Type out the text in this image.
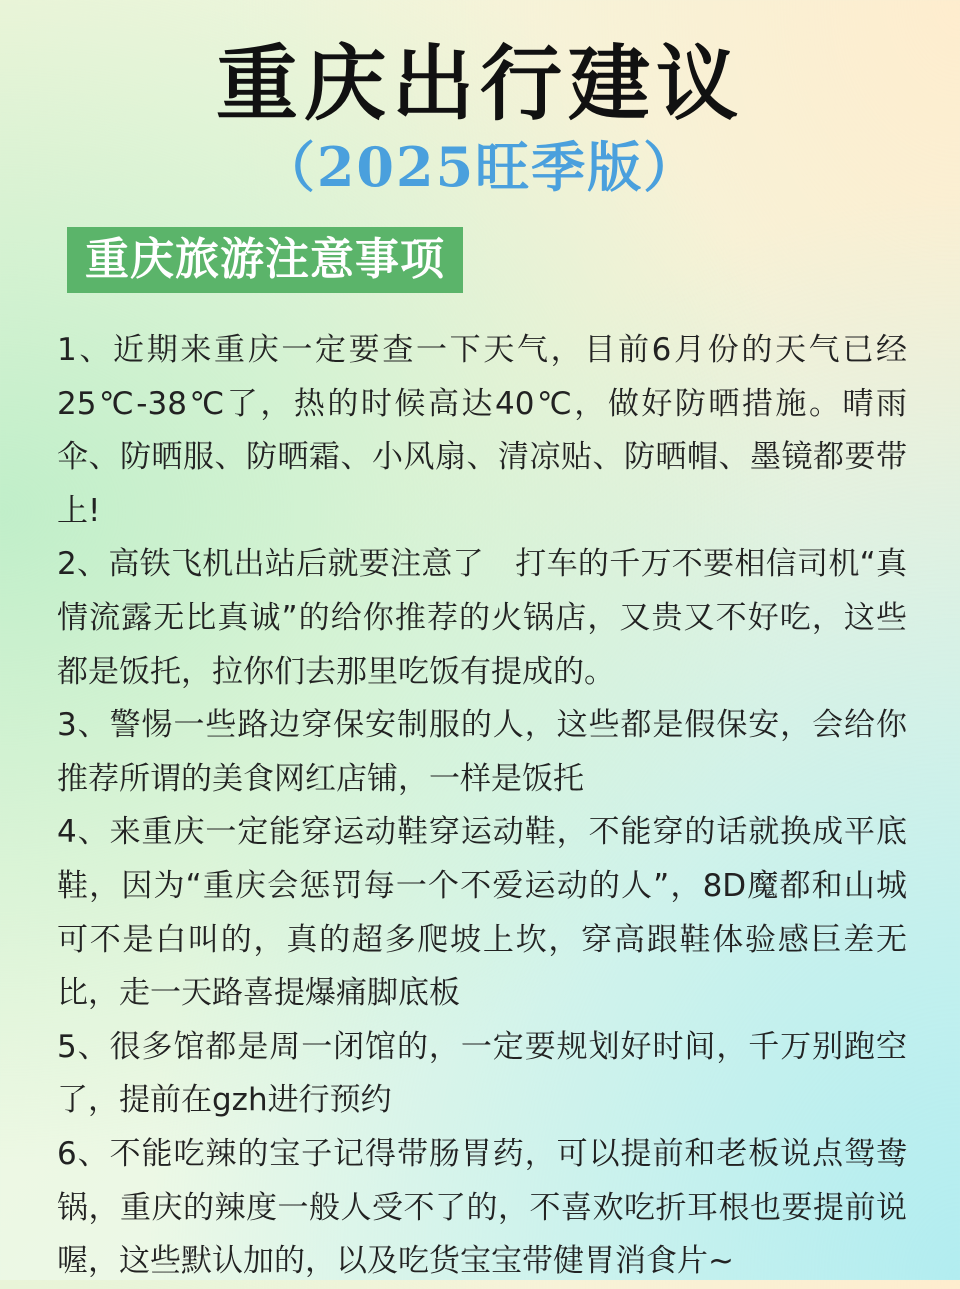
重庆出行建议
（2025旺季版）
重庆旅游注意事项

1、近期来重庆一定要查一下天气，目前6月份的天气已经25℃-38℃了，热的时候高达40℃，做好防晒措施。晴雨伞、防晒服、防晒霜、小风扇、清凉贴、防晒帽、墨镜都要带上!

2、高铁飞机出站后就要注意了　打车的千万不要相信司机“真情流露无比真诚”的给你推荐的火锅店，又贵又不好吃，这些都是饭托，拉你们去那里吃饭有提成的。

3、警惕一些路边穿保安制服的人，这些都是假保安，会给你推荐所谓的美食网红店铺，一样是饭托

4、来重庆一定能穿运动鞋穿运动鞋，不能穿的话就换成平底鞋，因为“重庆会惩罚每一个不爱运动的人”，8D魔都和山城可不是白叫的，真的超多爬坡上坎，穿高跟鞋体验感巨差无比，走一天路喜提爆痛脚底板

5、很多馆都是周一闭馆的，一定要规划好时间，千万别跑空了，提前在gzh进行预约

6、不能吃辣的宝子记得带肠胃药，可以提前和老板说点鸳鸯锅，重庆的辣度一般人受不了的，不喜欢吃折耳根也要提前说喔，这些默认加的，以及吃货宝宝带健胃消食片~
